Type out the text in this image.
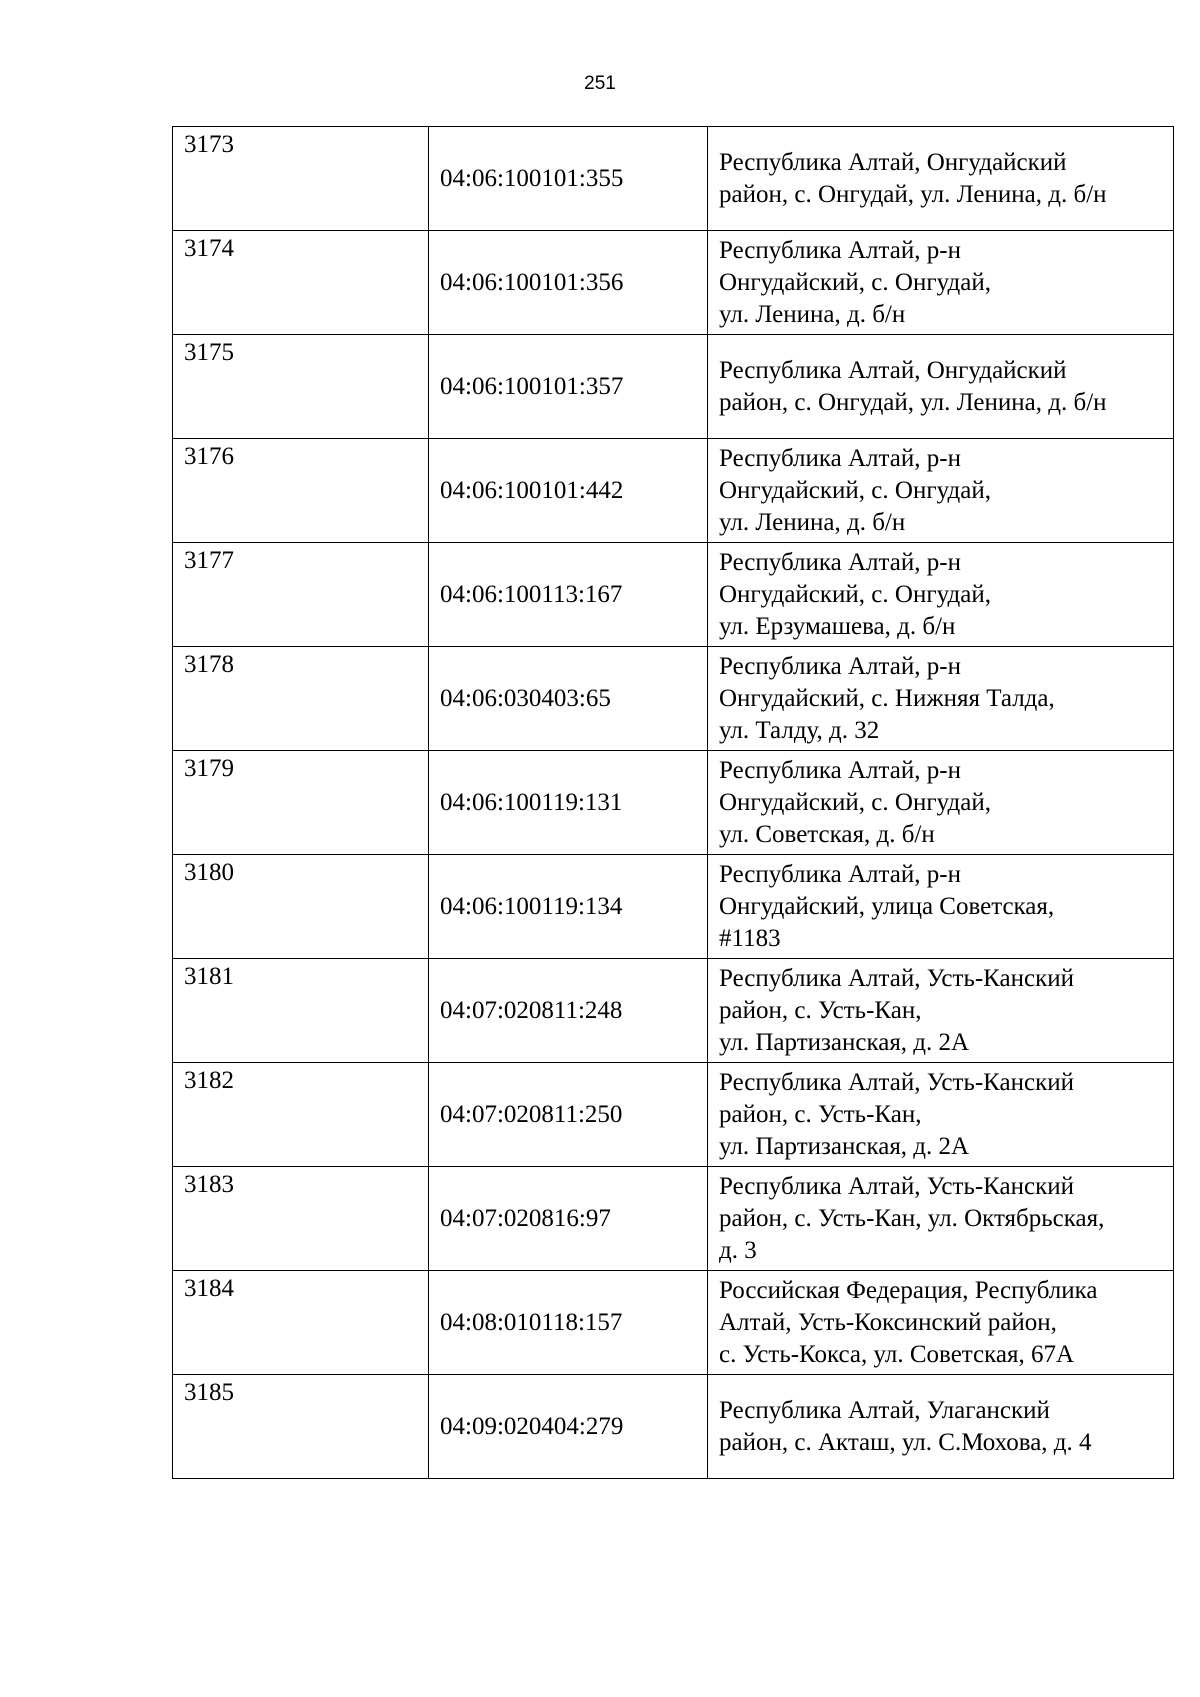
251
3173	04:06:100101:355	Республика Алтай, Онгудайский
район, с. Онгудай, ул. Ленина, д. б/н

3174	04:06:100101:356	Республика Алтай, р-н
Онгудайский, с. Онгудай,
ул. Ленина, д. б/н

3175	04:06:100101:357	Республика Алтай, Онгудайский
район, с. Онгудай, ул. Ленина, д. б/н

3176	04:06:100101:442	Республика Алтай, р-н
Онгудайский, с. Онгудай,
ул. Ленина, д. б/н

3177	04:06:100113:167	Республика Алтай, р-н
Онгудайский, с. Онгудай,
ул. Ерзумашева, д. б/н

3178	04:06:030403:65	Республика Алтай, р-н
Онгудайский, с. Нижняя Талда,
ул. Талду, д. 32

3179	04:06:100119:131	Республика Алтай, р-н
Онгудайский, с. Онгудай,
ул. Советская, д. б/н

3180	04:06:100119:134	Республика Алтай, р-н
Онгудайский, улица Советская,
#1183

3181	04:07:020811:248	Республика Алтай, Усть-Канский
район, с. Усть-Кан,
ул. Партизанская, д. 2А

3182	04:07:020811:250	Республика Алтай, Усть-Канский
район, с. Усть-Кан,
ул. Партизанская, д. 2А

3183	04:07:020816:97	Республика Алтай, Усть-Канский
район, с. Усть-Кан, ул. Октябрьская,
д. 3

3184	04:08:010118:157	Российская Федерация, Республика
Алтай, Усть-Коксинский район,
с. Усть-Кокса, ул. Советская, 67А

3185	04:09:020404:279	Республика Алтай, Улаганский
район, с. Акташ, ул. С.Мохова, д. 4
